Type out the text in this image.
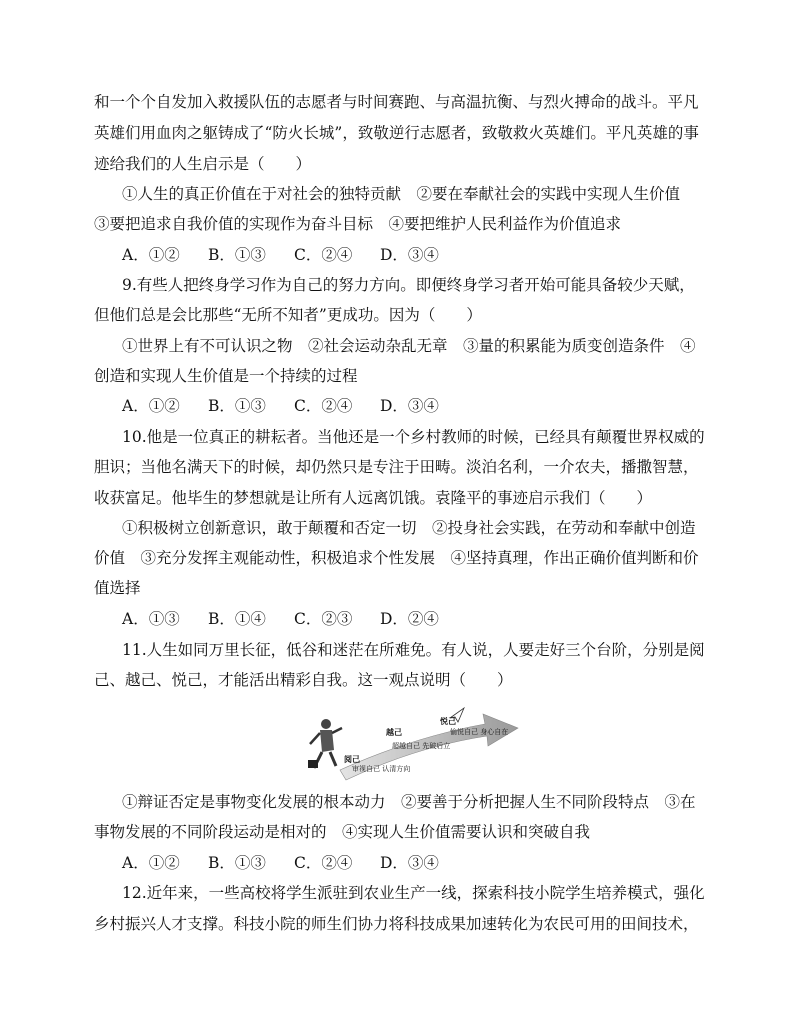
和一个个自发加入救援队伍的志愿者与时间赛跑、与高温抗衡、与烈火搏命的战斗。平凡
英雄们用血肉之躯铸成了“防火长城”，致敬逆行志愿者，致敬救火英雄们。平凡英雄的事
迹给我们的人生启示是（　　）
①人生的真正价值在于对社会的独特贡献　②要在奉献社会的实践中实现人生价值
③要把追求自我价值的实现作为奋斗目标　④要把维护人民利益作为价值追求
A．①② B．①③ C．②④ D．③④
9.有些人把终身学习作为自己的努力方向。即便终身学习者开始可能具备较少天赋，
但他们总是会比那些“无所不知者”更成功。因为（　　）
①世界上有不可认识之物　②社会运动杂乱无章　③量的积累能为质变创造条件　④
创造和实现人生价值是一个持续的过程
A．①② B．①③ C．②④ D．③④
10.他是一位真正的耕耘者。当他还是一个乡村教师的时候，已经具有颠覆世界权威的
胆识；当他名满天下的时候，却仍然只是专注于田畴。淡泊名利，一介农夫，播撒智慧，
收获富足。他毕生的梦想就是让所有人远离饥饿。袁隆平的事迹启示我们（　　）
①积极树立创新意识，敢于颠覆和否定一切　②投身社会实践，在劳动和奉献中创造
价值　③充分发挥主观能动性，积极追求个性发展　④坚持真理，作出正确价值判断和价
值选择
A．①③ B．①④ C．②③ D．②④
11.人生如同万里长征，低谷和迷茫在所难免。有人说，人要走好三个台阶，分别是阅
己、越己、悦己，才能活出精彩自我。这一观点说明（　　）
阅己
审视自己 认清方向
越己
超越自己 先破后立
悦己
愉悦自己 身心自在
①辩证否定是事物变化发展的根本动力　②要善于分析把握人生不同阶段特点　③在
事物发展的不同阶段运动是相对的　④实现人生价值需要认识和突破自我
A．①② B．①③ C．②④ D．③④
12.近年来，一些高校将学生派驻到农业生产一线，探索科技小院学生培养模式，强化
乡村振兴人才支撑。科技小院的师生们协力将科技成果加速转化为农民可用的田间技术，
